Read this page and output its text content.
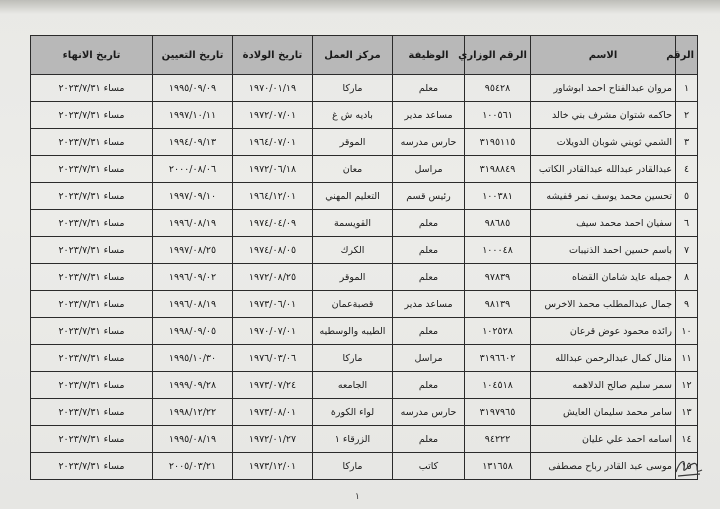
الرقم	الاسم	الرقم الوزاري	الوظيفة	مركز العمل	تاريخ الولادة	تاريخ التعيين	تاريخ الانهاء
١	مروان عبدالفتاح احمد ابوشاور	٩٥٤٢٨	معلم	ماركا	١٩٧٠/٠١/١٩	١٩٩٥/٠٩/٠٩	مساء ٢٠٢٣/٧/٣١
٢	حاكمه شتوان مشرف بني خالد	١٠٠٥٦١	مساعد مدير	باديه ش غ	١٩٧٢/٠٧/٠١	١٩٩٧/١٠/١١	مساء ٢٠٢٣/٧/٣١
٣	الشمي ثويني شوبان الدويلات	٣١٩٥١١٥	حارس مدرسه	الموقر	١٩٦٤/٠٧/٠١	١٩٩٤/٠٩/١٣	مساء ٢٠٢٣/٧/٣١
٤	عبدالقادر عبدالله عبدالقادر الكاتب	٣١٩٨٨٤٩	مراسل	معان	١٩٧٢/٠٦/١٨	٢٠٠٠/٠٨/٠٦	مساء ٢٠٢٣/٧/٣١
٥	تحسين محمد يوسف نمر قفيشه	١٠٠٣٨١	رئيس قسم	التعليم المهني	١٩٦٤/١٢/٠١	١٩٩٧/٠٩/١٠	مساء ٢٠٢٣/٧/٣١
٦	سفيان احمد محمد سيف	٩٨٦٨٥	معلم	القويسمة	١٩٧٤/٠٤/٠٩	١٩٩٦/٠٨/١٩	مساء ٢٠٢٣/٧/٣١
٧	باسم حسين احمد الذنيبات	١٠٠٠٤٨	معلم	الكرك	١٩٧٤/٠٨/٠٥	١٩٩٧/٠٨/٢٥	مساء ٢٠٢٣/٧/٣١
٨	جميله عايد شامان القضاه	٩٧٨٣٩	معلم	الموقر	١٩٧٢/٠٨/٢٥	١٩٩٦/٠٩/٠٢	مساء ٢٠٢٣/٧/٣١
٩	جمال عبدالمطلب محمد الاخرس	٩٨١٣٩	مساعد مدير	قصبةعمان	١٩٧٣/٠٦/٠١	١٩٩٦/٠٨/١٩	مساء ٢٠٢٣/٧/٣١
١٠	رائده محمود عوض قرعان	١٠٢٥٢٨	معلم	الطيبه والوسطيه	١٩٧٠/٠٧/٠١	١٩٩٨/٠٩/٠٥	مساء ٢٠٢٣/٧/٣١
١١	منال كمال عبدالرحمن عبدالله	٣١٩٦٦٠٢	مراسل	ماركا	١٩٧٦/٠٣/٠٦	١٩٩٥/١٠/٣٠	مساء ٢٠٢٣/٧/٣١
١٢	سمر سليم صالح الدلاهمه	١٠٤٥١٨	معلم	الجامعه	١٩٧٣/٠٧/٢٤	١٩٩٩/٠٩/٢٨	مساء ٢٠٢٣/٧/٣١
١٣	سامر محمد سليمان العايش	٣١٩٧٩٦٥	حارس مدرسه	لواء الكورة	١٩٧٣/٠٨/٠١	١٩٩٨/١٢/٢٢	مساء ٢٠٢٣/٧/٣١
١٤	اسامه احمد علي عليان	٩٤٢٢٢	معلم	الزرقاء ١	١٩٧٢/٠١/٢٧	١٩٩٥/٠٨/١٩	مساء ٢٠٢٣/٧/٣١
١٥	موسى عبد القادر رباح مصطفى	١٣١٦٥٨	كاتب	ماركا	١٩٧٣/١٢/٠١	٢٠٠٥/٠٣/٢١	مساء ٢٠٢٣/٧/٣١
١
